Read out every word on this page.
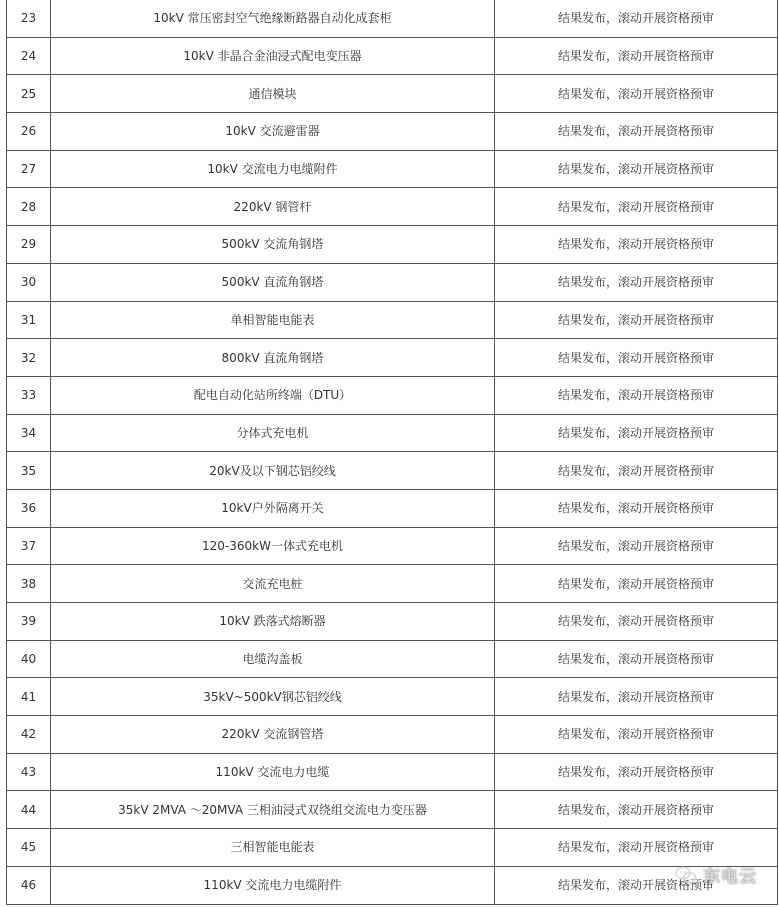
23	10kV 常压密封空气绝缘断路器自动化成套柜	结果发布，滚动开展资格预审
24	10kV 非晶合金油浸式配电变压器	结果发布，滚动开展资格预审
25	通信模块	结果发布，滚动开展资格预审
26	10kV 交流避雷器	结果发布，滚动开展资格预审
27	10kV 交流电力电缆附件	结果发布，滚动开展资格预审
28	220kV 钢管杆	结果发布，滚动开展资格预审
29	500kV 交流角钢塔	结果发布，滚动开展资格预审
30	500kV 直流角钢塔	结果发布，滚动开展资格预审
31	单相智能电能表	结果发布，滚动开展资格预审
32	800kV 直流角钢塔	结果发布，滚动开展资格预审
33	配电自动化站所终端（DTU）	结果发布，滚动开展资格预审
34	分体式充电机	结果发布，滚动开展资格预审
35	20kV及以下钢芯铝绞线	结果发布，滚动开展资格预审
36	10kV户外隔离开关	结果发布，滚动开展资格预审
37	120-360kW一体式充电机	结果发布，滚动开展资格预审
38	交流充电桩	结果发布，滚动开展资格预审
39	10kV 跌落式熔断器	结果发布，滚动开展资格预审
40	电缆沟盖板	结果发布，滚动开展资格预审
41	35kV~500kV钢芯铝绞线	结果发布，滚动开展资格预审
42	220kV 交流钢管塔	结果发布，滚动开展资格预审
43	110kV 交流电力电缆	结果发布，滚动开展资格预审
44	35kV 2MVA ～20MVA 三相油浸式双绕组交流电力变压器	结果发布，滚动开展资格预审
45	三相智能电能表	结果发布，滚动开展资格预审
46	110kV 交流电力电缆附件	结果发布，滚动开展资格预审
东电云
